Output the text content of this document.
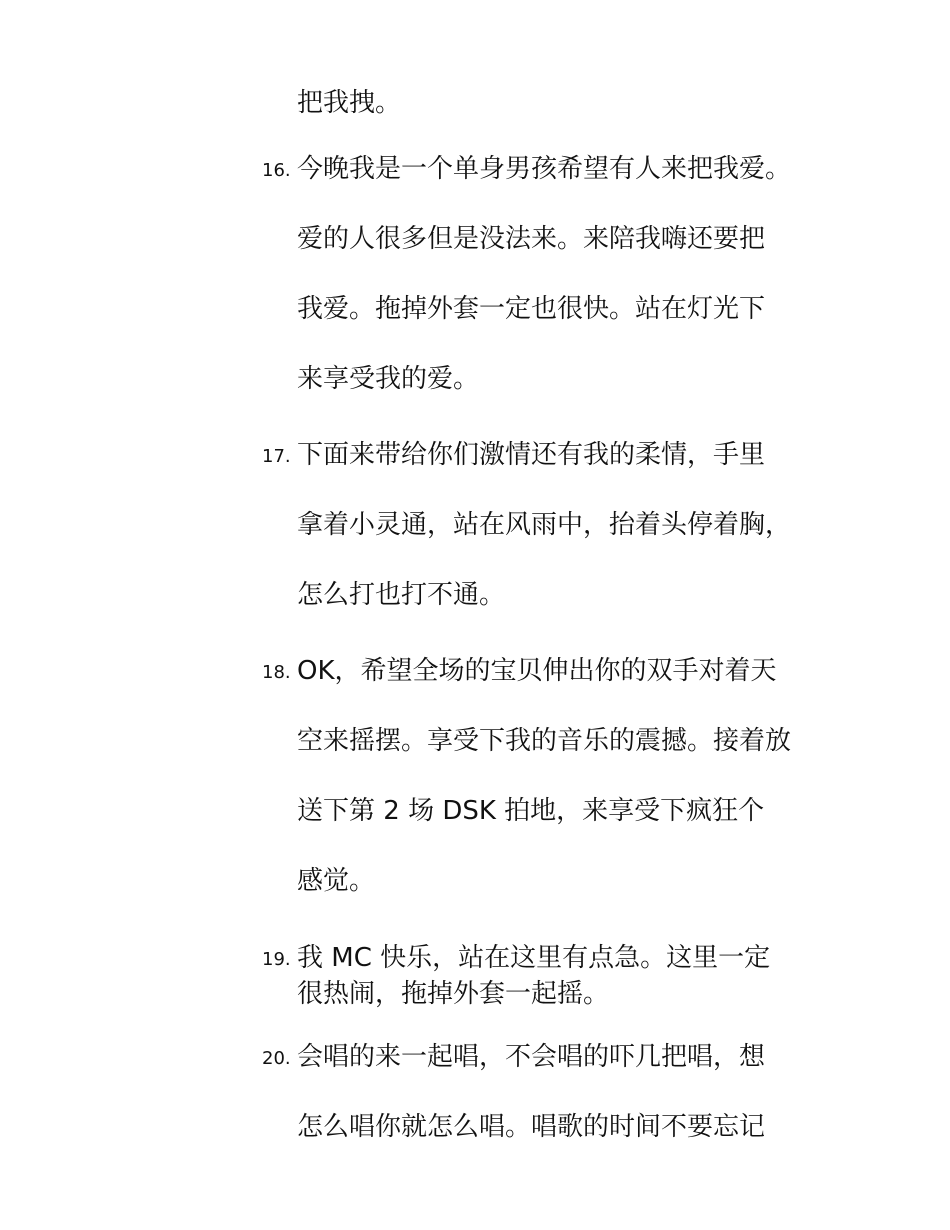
把我拽。
16. 今晚我是一个单身男孩希望有人来把我爱。
爱的人很多但是没法来。来陪我嗨还要把
我爱。拖掉外套一定也很快。站在灯光下
来享受我的爱。
17. 下面来带给你们激情还有我的柔情，手里
拿着小灵通，站在风雨中，抬着头停着胸，
怎么打也打不通。
18. OK，希望全场的宝贝伸出你的双手对着天
空来摇摆。享受下我的音乐的震撼。接着放
送下第 2 场 DSK 拍地，来享受下疯狂个
感觉。
19. 我 MC 快乐，站在这里有点急。这里一定
很热闹，拖掉外套一起摇。
20. 会唱的来一起唱，不会唱的吓几把唱，想
怎么唱你就怎么唱。唱歌的时间不要忘记
